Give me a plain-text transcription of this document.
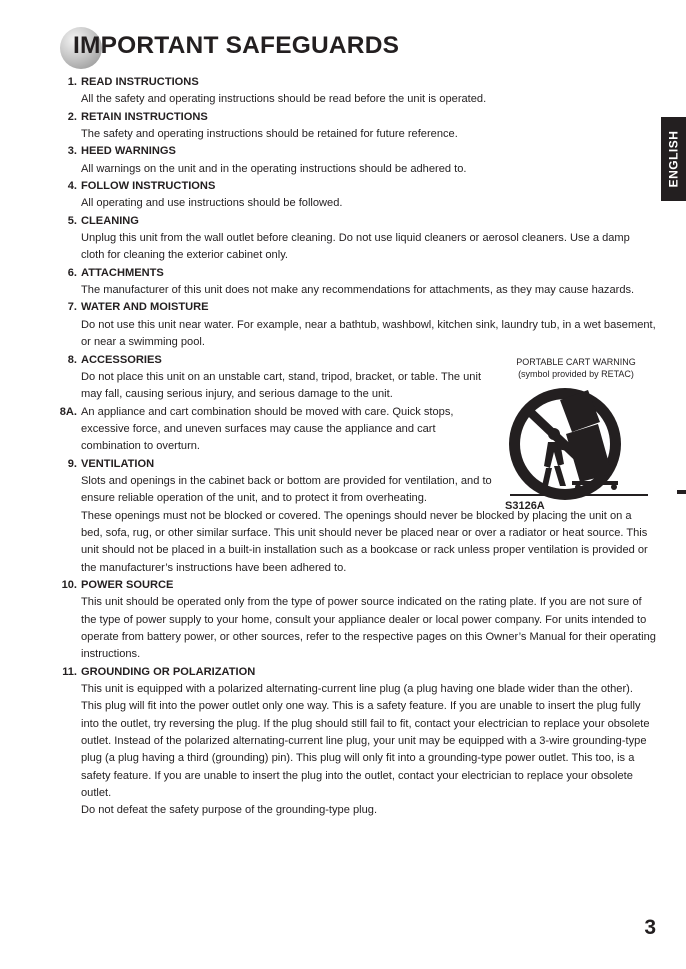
IMPORTANT SAFEGUARDS
ENGLISH
1. READ INSTRUCTIONS
All the safety and operating instructions should be read before the unit is operated.
2. RETAIN INSTRUCTIONS
The safety and operating instructions should be retained for future reference.
3. HEED WARNINGS
All warnings on the unit and in the operating instructions should be adhered to.
4. FOLLOW INSTRUCTIONS
All operating and use instructions should be followed.
5. CLEANING
Unplug this unit from the wall outlet before cleaning. Do not use liquid cleaners or aerosol cleaners. Use a damp cloth for cleaning the exterior cabinet only.
6. ATTACHMENTS
The manufacturer of this unit does not make any recommendations for attachments, as they may cause hazards.
7. WATER AND MOISTURE
Do not use this unit near water. For example, near a bathtub, washbowl, kitchen sink, laundry tub, in a wet basement, or near a swimming pool.
8. ACCESSORIES
Do not place this unit on an unstable cart, stand, tripod, bracket, or table. The unit may fall, causing serious injury, and serious damage to the unit.
8A. An appliance and cart combination should be moved with care. Quick stops, excessive force, and uneven surfaces may cause the appliance and cart combination to overturn.
9. VENTILATION
Slots and openings in the cabinet back or bottom are provided for ventilation, and to ensure reliable operation of the unit, and to protect it from overheating.
These openings must not be blocked or covered. The openings should never be blocked by placing the unit on a bed, sofa, rug, or other similar surface. This unit should never be placed near or over a radiator or heat source. This unit should not be placed in a built-in installation such as a bookcase or rack unless proper ventilation is provided or the manufacturer’s instructions have been adhered to.
10. POWER SOURCE
This unit should be operated only from the type of power source indicated on the rating plate. If you are not sure of the type of power supply to your home, consult your appliance dealer or local power company. For units intended to operate from battery power, or other sources, refer to the respective pages on this Owner’s Manual for their operating instructions.
11. GROUNDING OR POLARIZATION
This unit is equipped with a polarized alternating-current line plug (a plug having one blade wider than the other). This plug will fit into the power outlet only one way. This is a safety feature. If you are unable to insert the plug fully into the outlet, try reversing the plug. If the plug should still fail to fit, contact your electrician to replace your obsolete outlet. Instead of the polarized alternating-current line plug, your unit may be equipped with a 3-wire grounding-type plug (a plug having a third (grounding) pin). This plug will only fit into a grounding-type power outlet. This too, is a safety feature. If you are unable to insert the plug into the outlet, contact your electrician to replace your obsolete outlet.
Do not defeat the safety purpose of the grounding-type plug.
PORTABLE CART WARNING
(symbol provided by RETAC)
S3126A
3
